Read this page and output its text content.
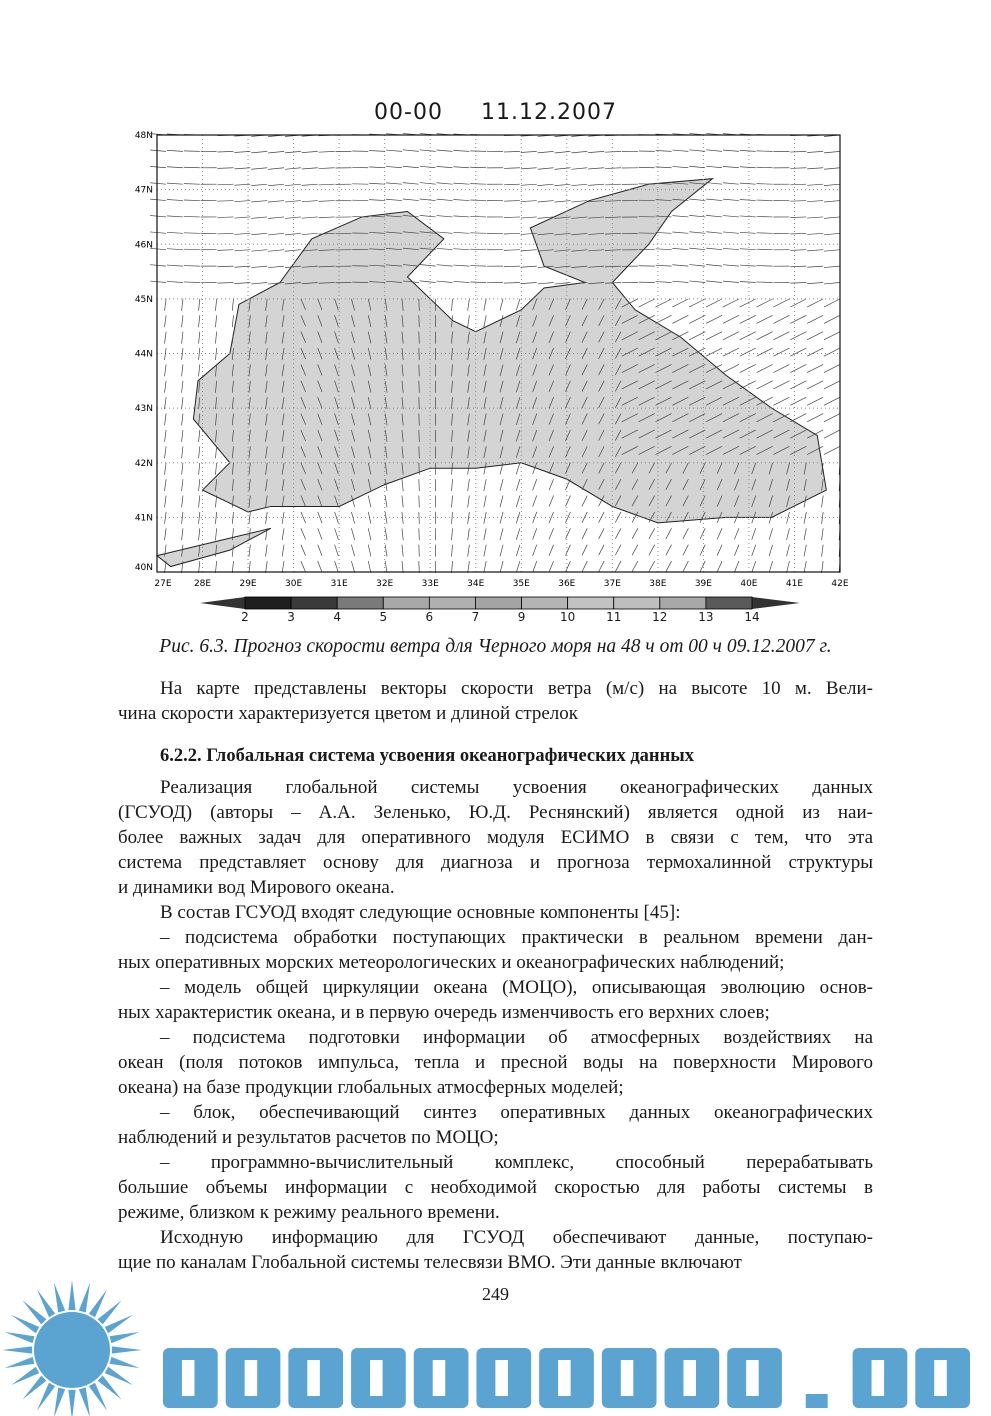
00-00 11.12.2007
40N
41N
42N
43N
44N
45N
46N
47N
48N
27E 28E	29E	30E	31E	32E	33E	34E	35E	36E	37E	38E	39E	40E	41E	42E
2	3	4	5	6	7	9	10	11	12	13	14
Рис. 6.3. Прогноз скорости ветра для Черного моря на 48 ч от 00 ч 09.12.2007 г.
На карте представлены векторы скорости ветра (м/с) на высоте 10 м. Вели-
чина скорости характеризуется цветом и длиной стрелок
6.2.2. Глобальная система усвоения океанографических данных
Реализация глобальной системы усвоения океанографических данных
(ГСУОД) (авторы – А.А. Зеленько, Ю.Д. Реснянский) является одной из наи-
более важных задач для оперативного модуля ЕСИМО в связи с тем, что эта
система представляет основу для диагноза и прогноза термохалинной структуры
и динамики вод Мирового океана.
В состав ГСУОД входят следующие основные компоненты [45]:
– подсистема обработки поступающих практически в реальном времени дан-
ных оперативных морских метеорологических и океанографических наблюдений;
– модель общей циркуляции океана (МОЦО), описывающая эволюцию основ-
ных характеристик океана, и в первую очередь изменчивость его верхних слоев;
– подсистема подготовки информации об атмосферных воздействиях на
океан (поля потоков импульса, тепла и пресной воды на поверхности Мирового
океана) на базе продукции глобальных атмосферных моделей;
– блок, обеспечивающий синтез оперативных данных океанографических
наблюдений и результатов расчетов по МОЦО;
– программно-вычислительный комплекс, способный перерабатывать
большие объемы информации с необходимой скоростью для работы системы в
режиме, близком к режиму реального времени.
Исходную информацию для ГСУОД обеспечивают данные, поступаю-
щие по каналам Глобальной системы телесвязи ВМО. Эти данные включают
249
